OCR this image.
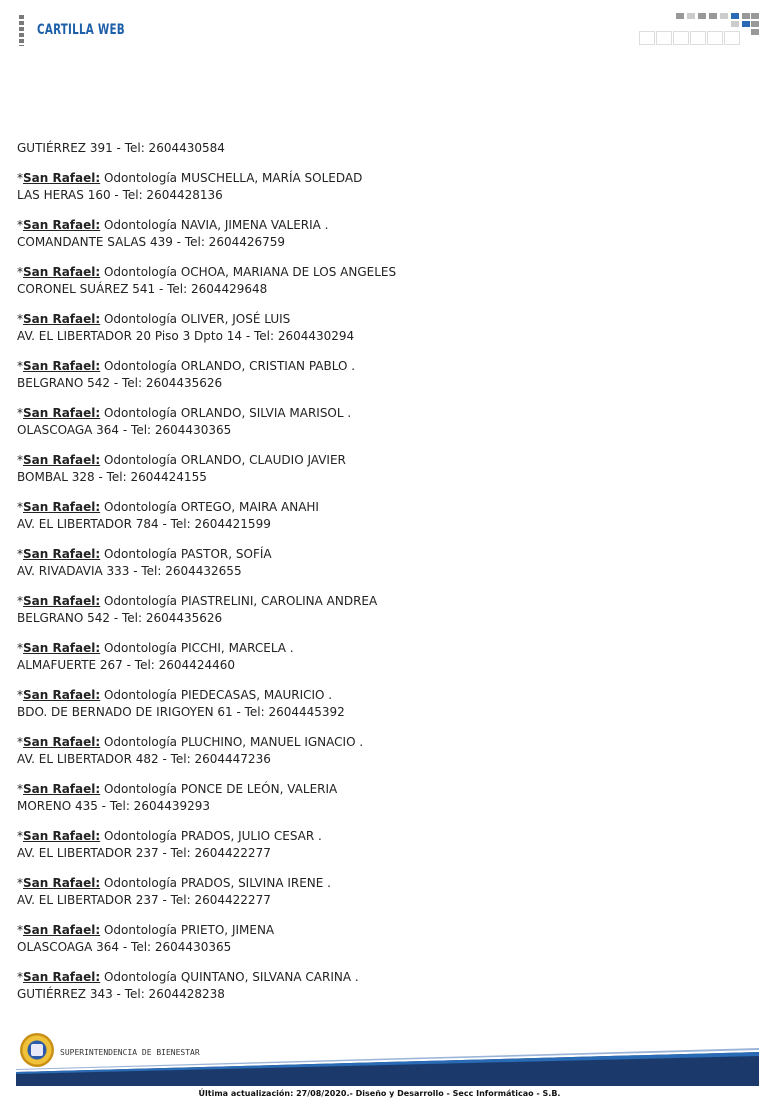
CARTILLA WEB
GUTIÉRREZ 391 - Tel: 2604430584
*San Rafael: Odontología MUSCHELLA, MARÍA SOLEDAD
LAS HERAS 160 - Tel: 2604428136
*San Rafael: Odontología NAVIA, JIMENA VALERIA .
COMANDANTE SALAS 439 - Tel: 2604426759
*San Rafael: Odontología OCHOA, MARIANA DE LOS ANGELES
CORONEL SUÁREZ 541 - Tel: 2604429648
*San Rafael: Odontología OLIVER, JOSÉ LUIS
AV. EL LIBERTADOR 20 Piso 3 Dpto 14 - Tel: 2604430294
*San Rafael: Odontología ORLANDO, CRISTIAN PABLO .
BELGRANO 542 - Tel: 2604435626
*San Rafael: Odontología ORLANDO, SILVIA MARISOL .
OLASCOAGA 364 - Tel: 2604430365
*San Rafael: Odontología ORLANDO, CLAUDIO JAVIER
BOMBAL 328 - Tel: 2604424155
*San Rafael: Odontología ORTEGO, MAIRA ANAHI
AV. EL LIBERTADOR 784 - Tel: 2604421599
*San Rafael: Odontología PASTOR, SOFÍA
AV. RIVADAVIA 333 - Tel: 2604432655
*San Rafael: Odontología PIASTRELINI, CAROLINA ANDREA
BELGRANO 542 - Tel: 2604435626
*San Rafael: Odontología PICCHI, MARCELA .
ALMAFUERTE 267 - Tel: 2604424460
*San Rafael: Odontología PIEDECASAS, MAURICIO .
BDO. DE BERNADO DE IRIGOYEN 61 - Tel: 2604445392
*San Rafael: Odontología PLUCHINO, MANUEL IGNACIO .
AV. EL LIBERTADOR 482 - Tel: 2604447236
*San Rafael: Odontología PONCE DE LEÓN, VALERIA
MORENO 435 - Tel: 2604439293
*San Rafael: Odontología PRADOS, JULIO CESAR .
AV. EL LIBERTADOR 237 - Tel: 2604422277
*San Rafael: Odontología PRADOS, SILVINA IRENE .
AV. EL LIBERTADOR 237 - Tel: 2604422277
*San Rafael: Odontología PRIETO, JIMENA
OLASCOAGA 364 - Tel: 2604430365
*San Rafael: Odontología QUINTANO, SILVANA CARINA .
GUTIÉRREZ 343 - Tel: 2604428238
SUPERINTENDENCIA DE BIENESTAR
Última actualización: 27/08/2020.- Diseño y Desarrollo - Secc Informáticao - S.B.
